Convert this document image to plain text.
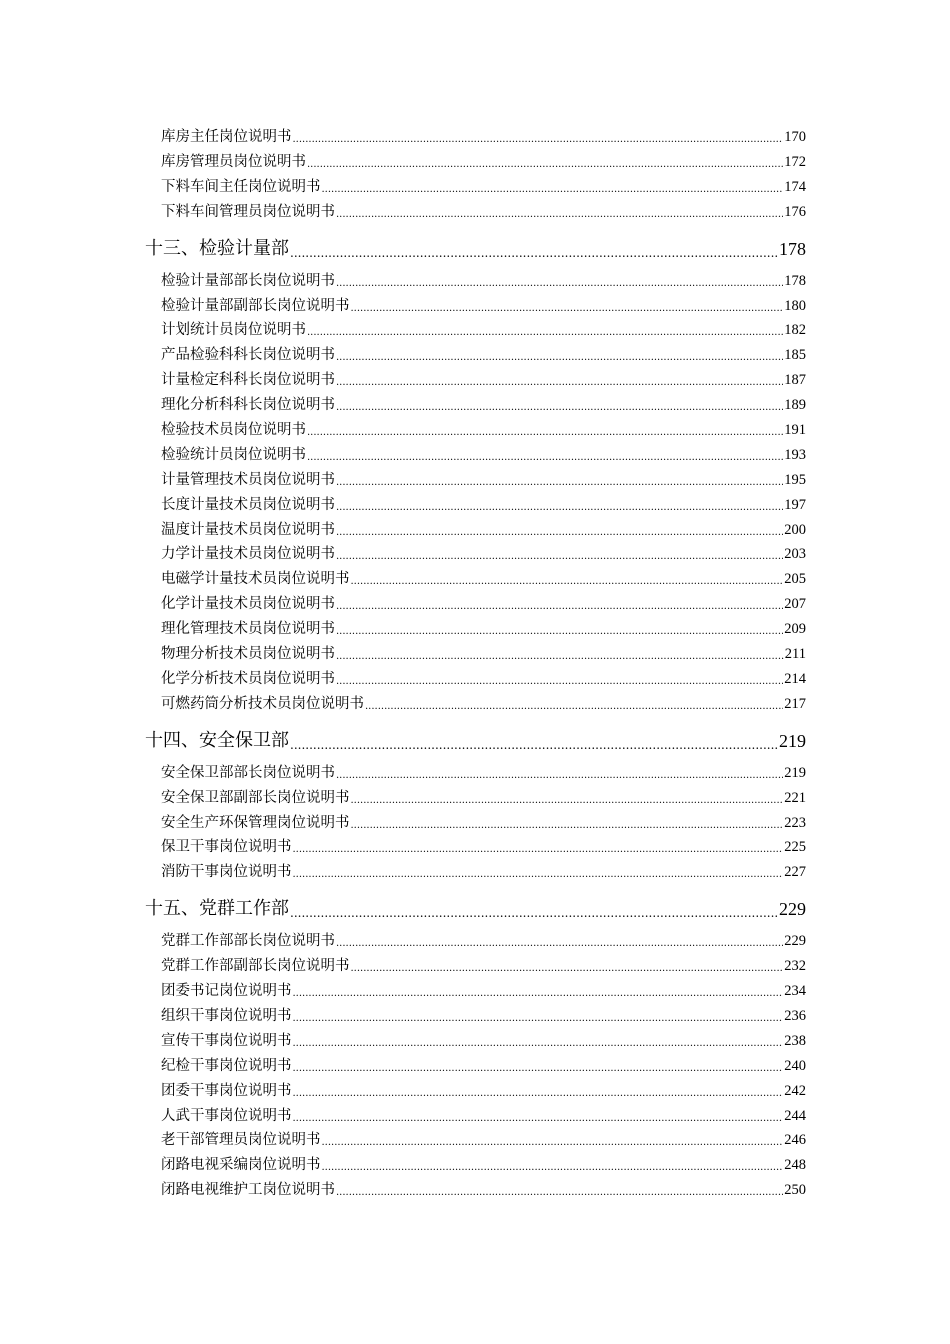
库房主任岗位说明书 .....	170
库房管理员岗位说明书 .....	172
下料车间主任岗位说明书 .....	174
下料车间管理员岗位说明书 .....	176
十三、检验计量部 .....	178
检验计量部部长岗位说明书 .....	178
检验计量部副部长岗位说明书 .....	180
计划统计员岗位说明书 .....	182
产品检验科科长岗位说明书 .....	185
计量检定科科长岗位说明书 .....	187
理化分析科科长岗位说明书 .....	189
检验技术员岗位说明书 .....	191
检验统计员岗位说明书 .....	193
计量管理技术员岗位说明书 .....	195
长度计量技术员岗位说明书 .....	197
温度计量技术员岗位说明书 .....	200
力学计量技术员岗位说明书 .....	203
电磁学计量技术员岗位说明书 .....	205
化学计量技术员岗位说明书 .....	207
理化管理技术员岗位说明书 .....	209
物理分析技术员岗位说明书 .....	211
化学分析技术员岗位说明书 .....	214
可燃药筒分析技术员岗位说明书 .....	217
十四、安全保卫部 .....	219
安全保卫部部长岗位说明书 .....	219
安全保卫部副部长岗位说明书 .....	221
安全生产环保管理岗位说明书 .....	223
保卫干事岗位说明书 .....	225
消防干事岗位说明书 .....	227
十五、党群工作部 .....	229
党群工作部部长岗位说明书 .....	229
党群工作部副部长岗位说明书 .....	232
团委书记岗位说明书 .....	234
组织干事岗位说明书 .....	236
宣传干事岗位说明书 .....	238
纪检干事岗位说明书 .....	240
团委干事岗位说明书 .....	242
人武干事岗位说明书 .....	244
老干部管理员岗位说明书 .....	246
闭路电视采编岗位说明书 .....	248
闭路电视维护工岗位说明书 .....	250
